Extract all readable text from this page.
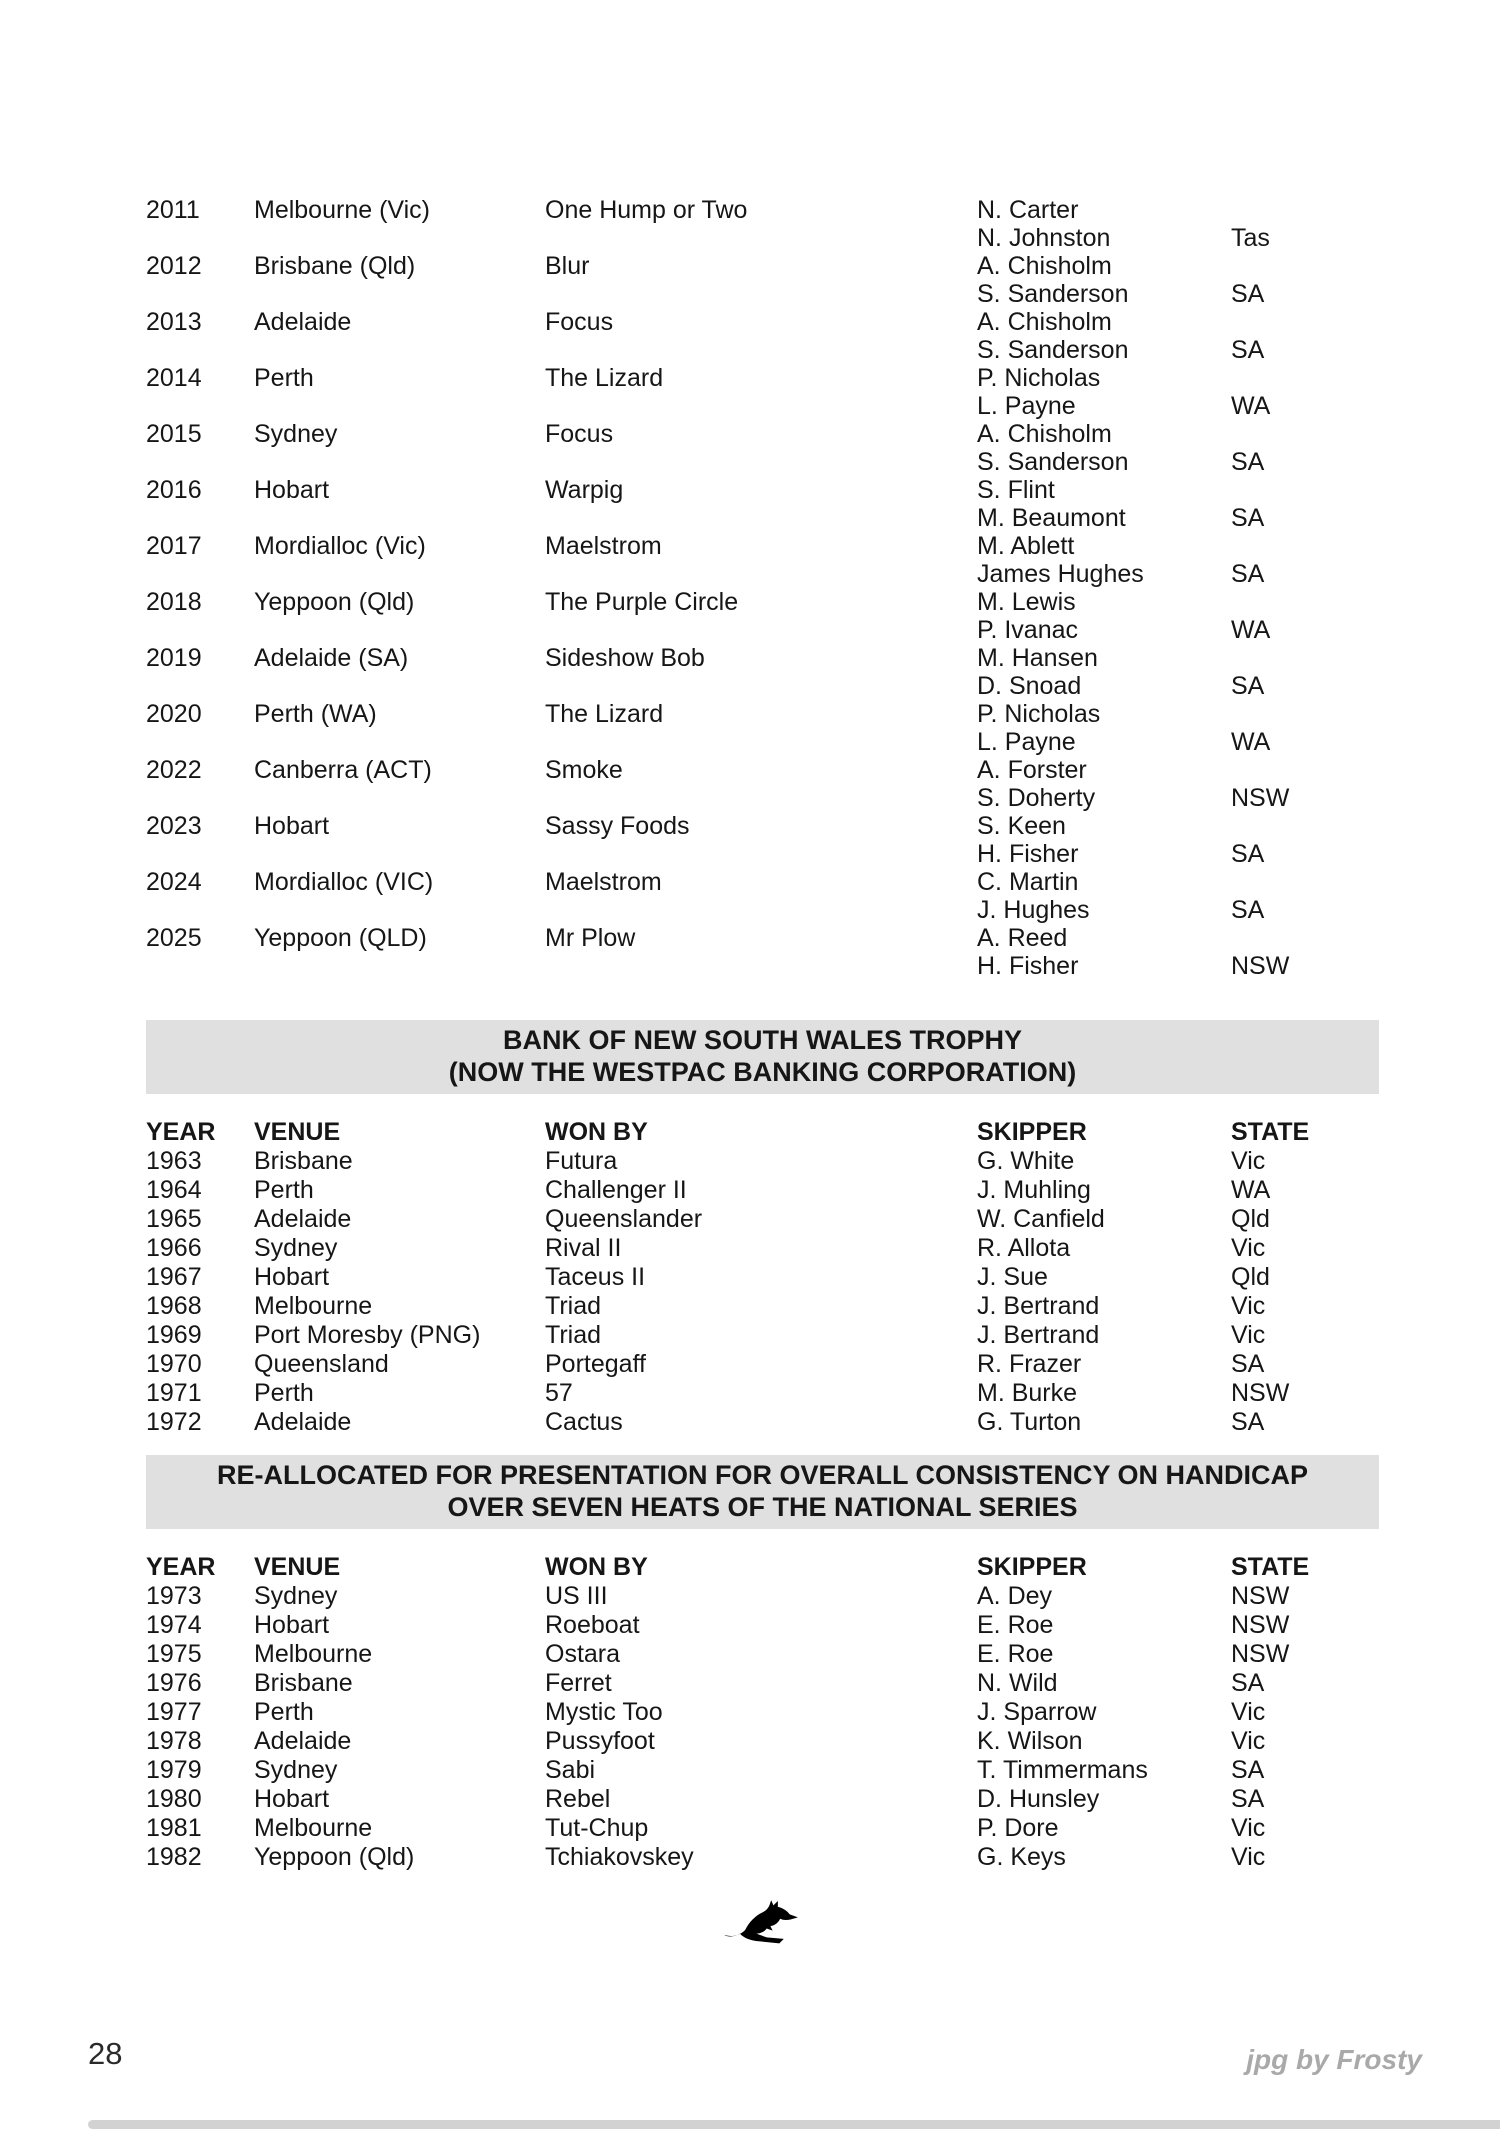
2011	Melbourne (Vic)	One Hump or Two	N. Carter
N. Johnston	Tas
2012	Brisbane (Qld)	Blur	A. Chisholm
S. Sanderson	SA
2013	Adelaide	Focus	A. Chisholm
S. Sanderson	SA
2014	Perth	The Lizard	P. Nicholas
L. Payne	WA
2015	Sydney	Focus	A. Chisholm
S. Sanderson	SA
2016	Hobart	Warpig	S. Flint
M. Beaumont	SA
2017	Mordialloc (Vic)	Maelstrom	M. Ablett
James Hughes	SA
2018	Yeppoon (Qld)	The Purple Circle	M. Lewis
P. Ivanac	WA
2019	Adelaide (SA)	Sideshow Bob	M. Hansen
D. Snoad	SA
2020	Perth (WA)	The Lizard	P. Nicholas
L. Payne	WA
2022	Canberra (ACT)	Smoke	A. Forster
S. Doherty	NSW
2023	Hobart	Sassy Foods	S. Keen
H. Fisher	SA
2024	Mordialloc (VIC)	Maelstrom	C. Martin
J. Hughes	SA
2025	Yeppoon (QLD)	Mr Plow	A. Reed
H. Fisher	NSW
BANK OF NEW SOUTH WALES TROPHY
(NOW THE WESTPAC BANKING CORPORATION)
YEAR	VENUE	WON BY	SKIPPER	STATE
1963	Brisbane	Futura	G. White	Vic
1964	Perth	Challenger II	J. Muhling	WA
1965	Adelaide	Queenslander	W. Canfield	Qld
1966	Sydney	Rival II	R. Allota	Vic
1967	Hobart	Taceus II	J. Sue	Qld
1968	Melbourne	Triad	J. Bertrand	Vic
1969	Port Moresby (PNG)	Triad	J. Bertrand	Vic
1970	Queensland	Portegaff	R. Frazer	SA
1971	Perth	57	M. Burke	NSW
1972	Adelaide	Cactus	G. Turton	SA
RE-ALLOCATED FOR PRESENTATION FOR OVERALL CONSISTENCY ON HANDICAP
OVER SEVEN HEATS OF THE NATIONAL SERIES
YEAR	VENUE	WON BY	SKIPPER	STATE
1973	Sydney	US III	A. Dey	NSW
1974	Hobart	Roeboat	E. Roe	NSW
1975	Melbourne	Ostara	E. Roe	NSW
1976	Brisbane	Ferret	N. Wild	SA
1977	Perth	Mystic Too	J. Sparrow	Vic
1978	Adelaide	Pussyfoot	K. Wilson	Vic
1979	Sydney	Sabi	T. Timmermans	SA
1980	Hobart	Rebel	D. Hunsley	SA
1981	Melbourne	Tut-Chup	P. Dore	Vic
1982	Yeppoon (Qld)	Tchiakovskey	G. Keys	Vic
28	jpg by Frosty
